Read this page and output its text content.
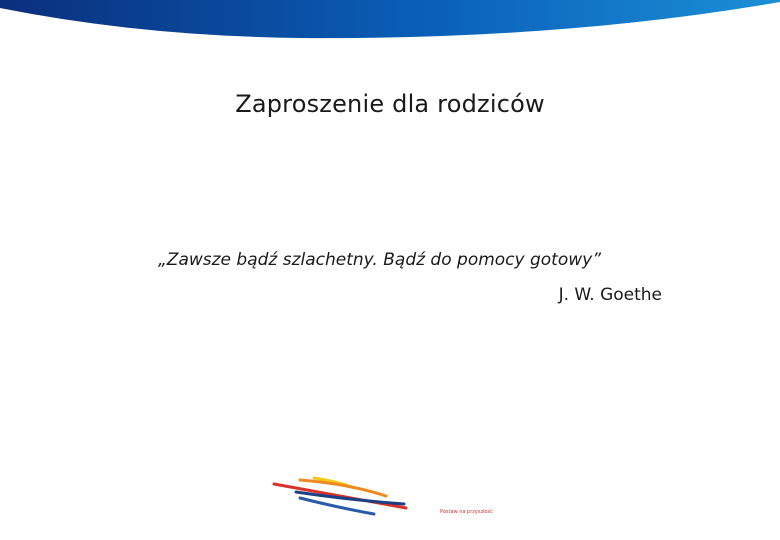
Zaproszenie dla rodziców
„Zawsze bądź szlachetny. Bądź do pomocy gotowy”
J. W. Goethe
Postaw na przyszłość
